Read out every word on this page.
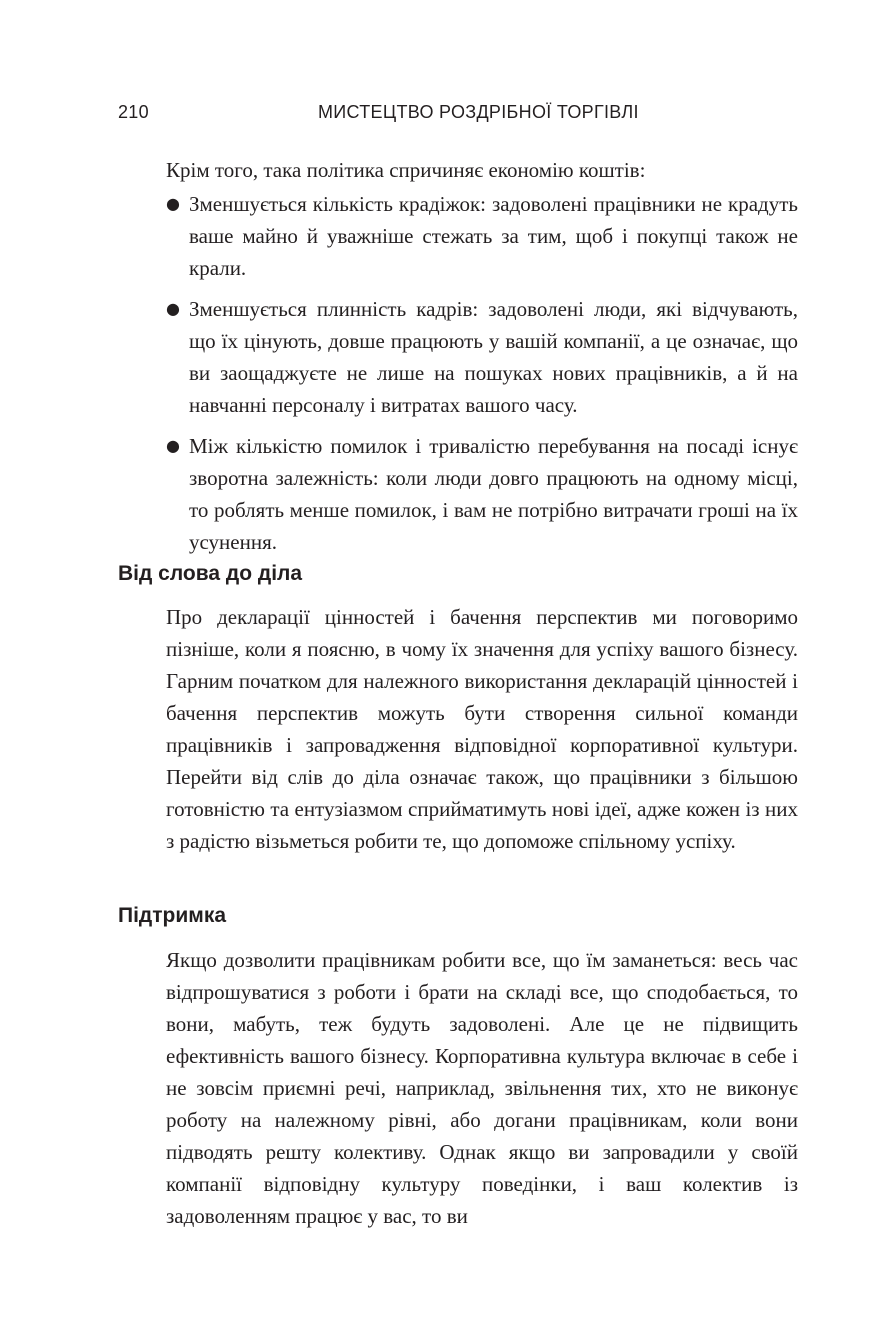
210	МИСТЕЦТВО РОЗДРІБНОЇ ТОРГІВЛІ

Крім того, така політика спричиняє економію коштів:

● Зменшується кількість крадіжок: задоволені працівники не крадуть ваше майно й уважніше стежать за тим, щоб і покупці також не крали.
● Зменшується плинність кадрів: задоволені люди, які відчувають, що їх цінують, довше працюють у вашій компанії, а це означає, що ви заощаджуєте не лише на пошуках нових працівників, а й на навчанні персоналу і витратах вашого часу.
● Між кількістю помилок і тривалістю перебування на посаді існує зворотна залежність: коли люди довго працюють на одному місці, то роблять менше помилок, і вам не потрібно витрачати гроші на їх усунення.
Від слова до діла

Про декларації цінностей і бачення перспектив ми поговоримо пізніше, коли я поясню, в чому їх значення для успіху вашого бізнесу. Гарним початком для належного використання декларацій цінностей і бачення перспектив можуть бути створення сильної команди працівників і запровадження відповідної корпоративної культури. Перейти від слів до діла означає також, що працівники з більшою готовністю та ентузіазмом сприйматимуть нові ідеї, адже кожен із них з радістю візьметься робити те, що допоможе спільному успіху.

Підтримка

Якщо дозволити працівникам робити все, що їм заманеться: весь час відпрошуватися з роботи і брати на складі все, що сподобається, то вони, мабуть, теж будуть задоволені. Але це не підвищить ефективність вашого бізнесу. Корпоративна культура включає в себе і не зовсім приємні речі, наприклад, звільнення тих, хто не виконує роботу на належному рівні, або догани працівникам, коли вони підводять решту колективу. Однак якщо ви запровадили у своїй компанії відповідну культуру поведінки, і ваш колектив із задоволенням працює у вас, то ви
